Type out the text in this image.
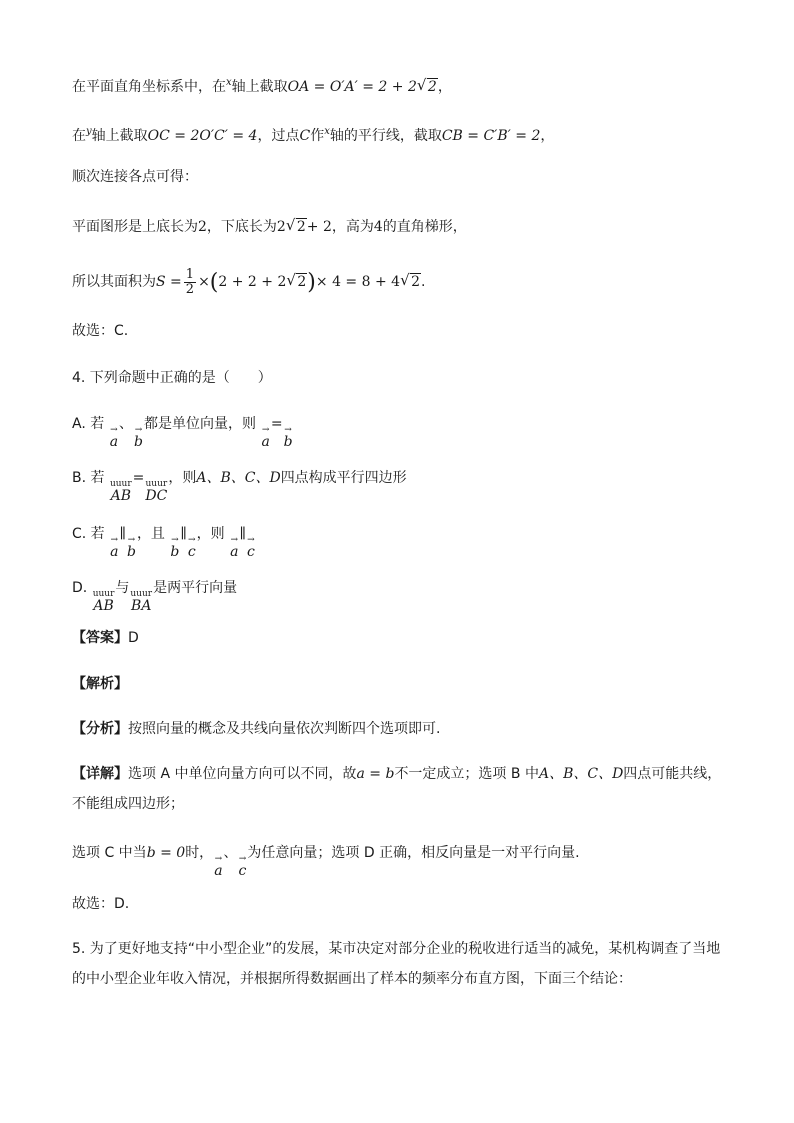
在平面直角坐标系中，在$^x$轴上截取OA = O′A′ = 2 + 2√ 2，
在$^y$轴上截取OC = 2O′C′ = 4，过点C作$^x$轴的平行线，截取CB = C′B′ = 2，
顺次连接各点可得：
平面图形是上底长为2，下底长为2√ 2+ 2，高为4的直角梯形，
所以其面积为$S = \frac{1}{2} \times(2 + 2 + 2√$ 2)× 4 = 8 + 4√ 2.
故选：C.
4. 下列命题中正确的是（　　）
A. 若 →
a
、 →
b
都是单位向量，则 →
a
= →
b
B. 若 uuur
AB
= uuur
DC
，则A、B、C、D四点构成平行四边形
C. 若 →
a
∥ →
b
，且 →
b
∥ →
c
，则 →
a
∥ →
c
D. uuur
AB
与 uuur
BA
是两平行向量
【答案】D
【解析】
【分析】按照向量的概念及共线向量依次判断四个选项即可.
【详解】选项 A 中单位向量方向可以不同，故a = b不一定成立；选项 B 中A、B、C、D四点可能共线，
不能组成四边形；
选项 C 中当b = 0时， →
a
、 →
c
为任意向量；选项 D 正确，相反向量是一对平行向量.
故选：D.
5. 为了更好地支持“中小型企业”的发展，某市决定对部分企业的税收进行适当的减免，某机构调查了当地
的中小型企业年收入情况，并根据所得数据画出了样本的频率分布直方图，下面三个结论：
